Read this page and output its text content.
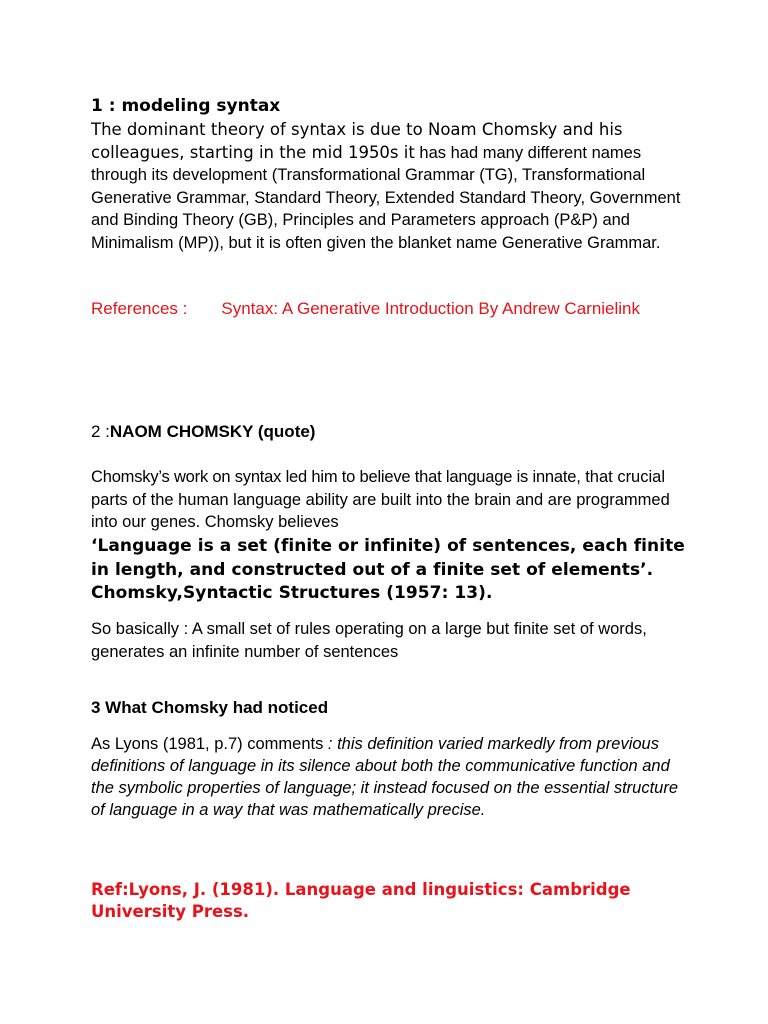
1 : modeling syntax

The dominant theory of syntax is due to Noam Chomsky and his colleagues, starting in the mid 1950s it has had many different names through its development (Transformational Grammar (TG), Transformational Generative Grammar, Standard Theory, Extended Standard Theory, Government and Binding Theory (GB), Principles and Parameters approach (P&P) and Minimalism (MP)), but it is often given the blanket name Generative Grammar.

References : Syntax: A Generative Introduction By Andrew Carnielink

2 :NAOM CHOMSKY (quote)

Chomsky’s work on syntax led him to believe that language is innate, that crucial parts of the human language ability are built into the brain and are programmed into our genes. Chomsky believes

‘Language is a set (finite or infinite) of sentences, each finite in length, and constructed out of a finite set of elements’. Chomsky,Syntactic Structures (1957: 13).

So basically : A small set of rules operating on a large but finite set of words, generates an infinite number of sentences

3 What Chomsky had noticed

As Lyons (1981, p.7) comments : this definition varied markedly from previous definitions of language in its silence about both the communicative function and the symbolic properties of language; it instead focused on the essential structure of language in a way that was mathematically precise.

Ref:Lyons, J. (1981). Language and linguistics: Cambridge University Press.
